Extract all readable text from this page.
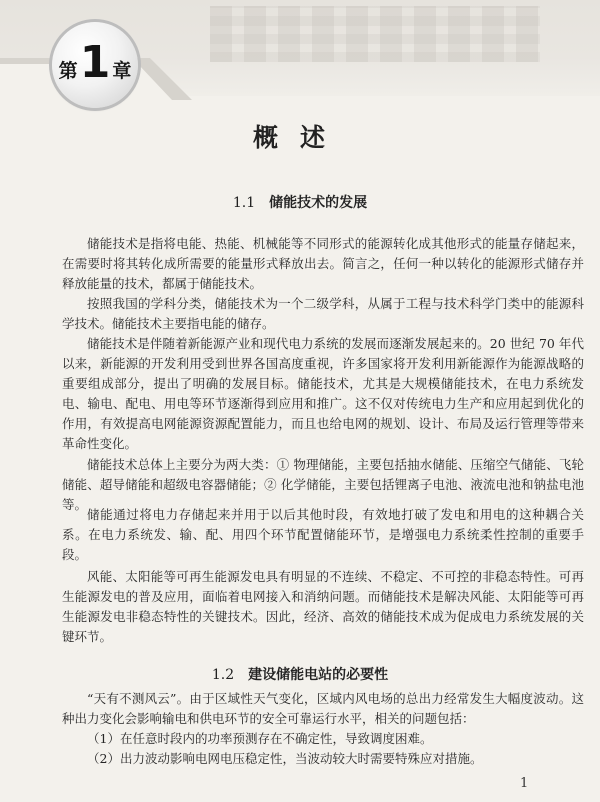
第 1 章
概述
1.1 储能技术的发展

储能技术是指将电能、热能、机械能等不同形式的能源转化成其他形式的能量存储起来，在需要时将其转化成所需要的能量形式释放出去。简言之，任何一种以转化的能源形式储存并释放能量的技术，都属于储能技术。

按照我国的学科分类，储能技术为一个二级学科，从属于工程与技术科学门类中的能源科学技术。储能技术主要指电能的储存。

储能技术是伴随着新能源产业和现代电力系统的发展而逐渐发展起来的。20 世纪 70 年代以来，新能源的开发利用受到世界各国高度重视，许多国家将开发利用新能源作为能源战略的重要组成部分，提出了明确的发展目标。储能技术，尤其是大规模储能技术，在电力系统发电、输电、配电、用电等环节逐渐得到应用和推广。这不仅对传统电力生产和应用起到优化的作用，有效提高电网能源资源配置能力，而且也给电网的规划、设计、布局及运行管理等带来革命性变化。

储能技术总体上主要分为两大类：① 物理储能，主要包括抽水储能、压缩空气储能、飞轮储能、超导储能和超级电容器储能；② 化学储能，主要包括锂离子电池、液流电池和钠盐电池等。

储能通过将电力存储起来并用于以后其他时段，有效地打破了发电和用电的这种耦合关系。在电力系统发、输、配、用四个环节配置储能环节，是增强电力系统柔性控制的重要手段。

风能、太阳能等可再生能源发电具有明显的不连续、不稳定、不可控的非稳态特性。可再生能源发电的普及应用，面临着电网接入和消纳问题。而储能技术是解决风能、太阳能等可再生能源发电非稳态特性的关键技术。因此，经济、高效的储能技术成为促成电力系统发展的关键环节。

1.2 建设储能电站的必要性

“天有不测风云”。由于区域性天气变化，区域内风电场的总出力经常发生大幅度波动。这种出力变化会影响输电和供电环节的安全可靠运行水平，相关的问题包括：

（1）在任意时段内的功率预测存在不确定性，导致调度困难。

（2）出力波动影响电网电压稳定性，当波动较大时需要特殊应对措施。

1
